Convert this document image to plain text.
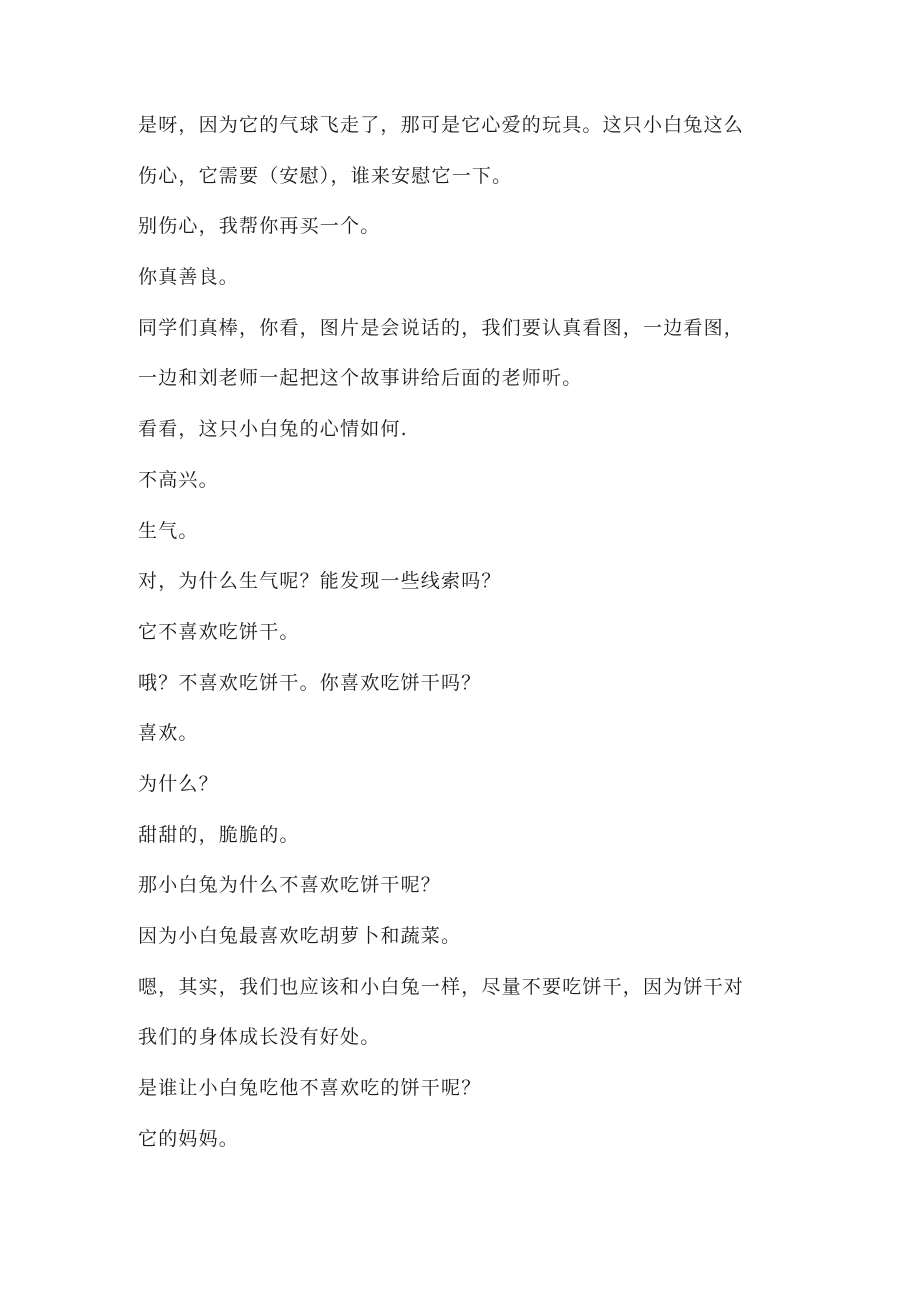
是呀，因为它的气球飞走了，那可是它心爱的玩具。这只小白兔这么
伤心，它需要（安慰），谁来安慰它一下。
别伤心，我帮你再买一个。
你真善良。
同学们真棒，你看，图片是会说话的，我们要认真看图，一边看图，
一边和刘老师一起把这个故事讲给后面的老师听。
看看，这只小白兔的心情如何.
不高兴。
生气。
对，为什么生气呢？能发现一些线索吗？
它不喜欢吃饼干。
哦？不喜欢吃饼干。你喜欢吃饼干吗？
喜欢。
为什么？
甜甜的，脆脆的。
那小白兔为什么不喜欢吃饼干呢？
因为小白兔最喜欢吃胡萝卜和蔬菜。
嗯，其实，我们也应该和小白兔一样，尽量不要吃饼干，因为饼干对
我们的身体成长没有好处。
是谁让小白兔吃他不喜欢吃的饼干呢？
它的妈妈。
